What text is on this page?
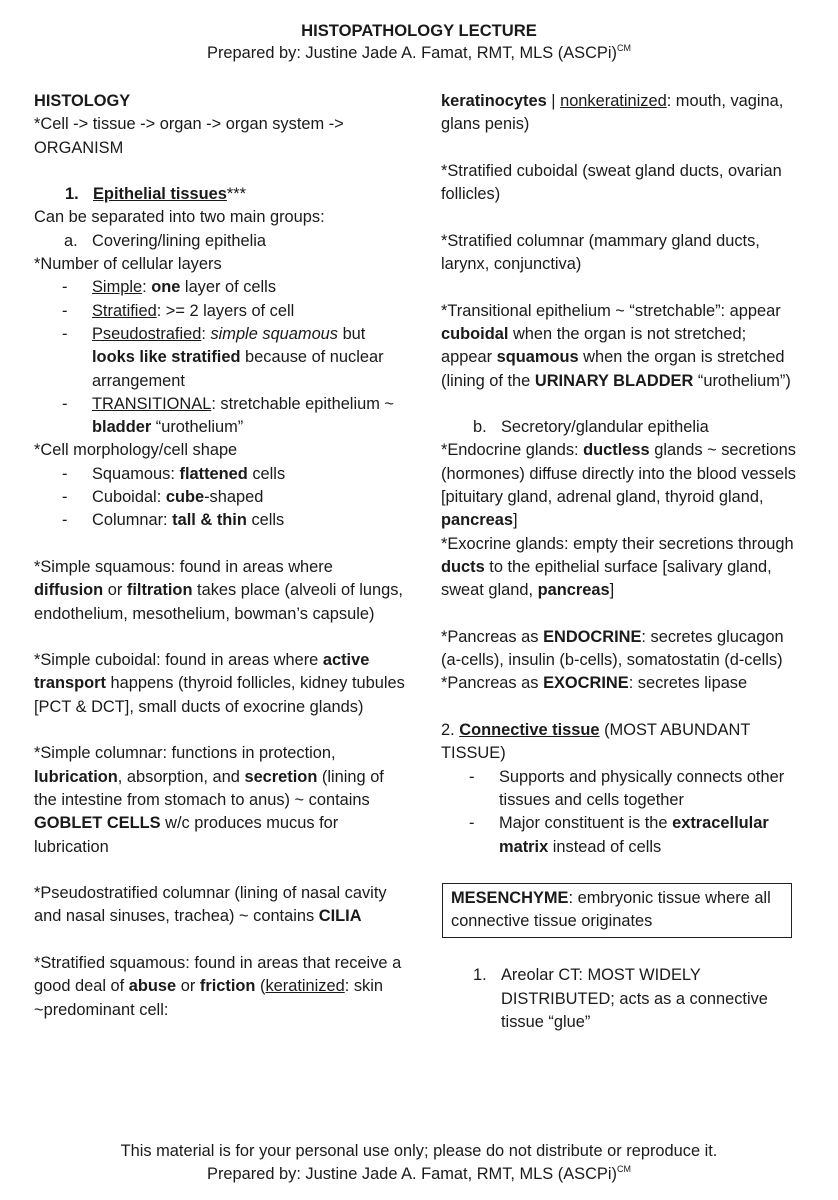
HISTOPATHOLOGY LECTURE
Prepared by: Justine Jade A. Famat, RMT, MLS (ASCPi)$^{CM}$

HISTOLOGY

*Cell -> tissue -> organ -> organ system -> ORGANISM

1. Epithelial tissues***

Can be separated into two main groups:

a. Covering/lining epithelia

*Number of cellular layers

-	Simple: one layer of cells
-	Stratified: >= 2 layers of cell
-	Pseudostrafied: simple squamous but looks like stratified because of nuclear arrangement
-	TRANSITIONAL: stretchable epithelium ~ bladder “urothelium”

*Cell morphology/cell shape

-	Squamous: flattened cells
-	Cuboidal: cube-shaped
-	Columnar: tall & thin cells

*Simple squamous: found in areas where diffusion or filtration takes place (alveoli of lungs, endothelium, mesothelium, bowman’s capsule)

*Simple cuboidal: found in areas where active transport happens (thyroid follicles, kidney tubules [PCT & DCT], small ducts of exocrine glands)

*Simple columnar: functions in protection, lubrication, absorption, and secretion (lining of the intestine from stomach to anus) ~ contains GOBLET CELLS w/c produces mucus for lubrication

*Pseudostratified columnar (lining of nasal cavity and nasal sinuses, trachea) ~ contains CILIA

*Stratified squamous: found in areas that receive a good deal of abuse or friction (keratinized: skin ~predominant cell:

keratinocytes | nonkeratinized: mouth, vagina, glans penis)

*Stratified cuboidal (sweat gland ducts, ovarian follicles)

*Stratified columnar (mammary gland ducts, larynx, conjunctiva)

*Transitional epithelium ~ “stretchable”: appear cuboidal when the organ is not stretched; appear squamous when the organ is stretched (lining of the URINARY BLADDER “urothelium”)

b. Secretory/glandular epithelia

*Endocrine glands: ductless glands ~ secretions (hormones) diffuse directly into the blood vessels [pituitary gland, adrenal gland, thyroid gland, pancreas]

*Exocrine glands: empty their secretions through ducts to the epithelial surface [salivary gland, sweat gland, pancreas]

*Pancreas as ENDOCRINE: secretes glucagon (a-cells), insulin (b-cells), somatostatin (d-cells)

*Pancreas as EXOCRINE: secretes lipase

2. Connective tissue (MOST ABUNDANT TISSUE)

-	Supports and physically connects other tissues and cells together
-	Major constituent is the extracellular matrix instead of cells
MESENCHYME: embryonic tissue where all connective tissue originates

1. Areolar CT: MOST WIDELY DISTRIBUTED; acts as a connective tissue “glue”

This material is for your personal use only; please do not distribute or reproduce it.
Prepared by: Justine Jade A. Famat, RMT, MLS (ASCPi)$^{CM}$
